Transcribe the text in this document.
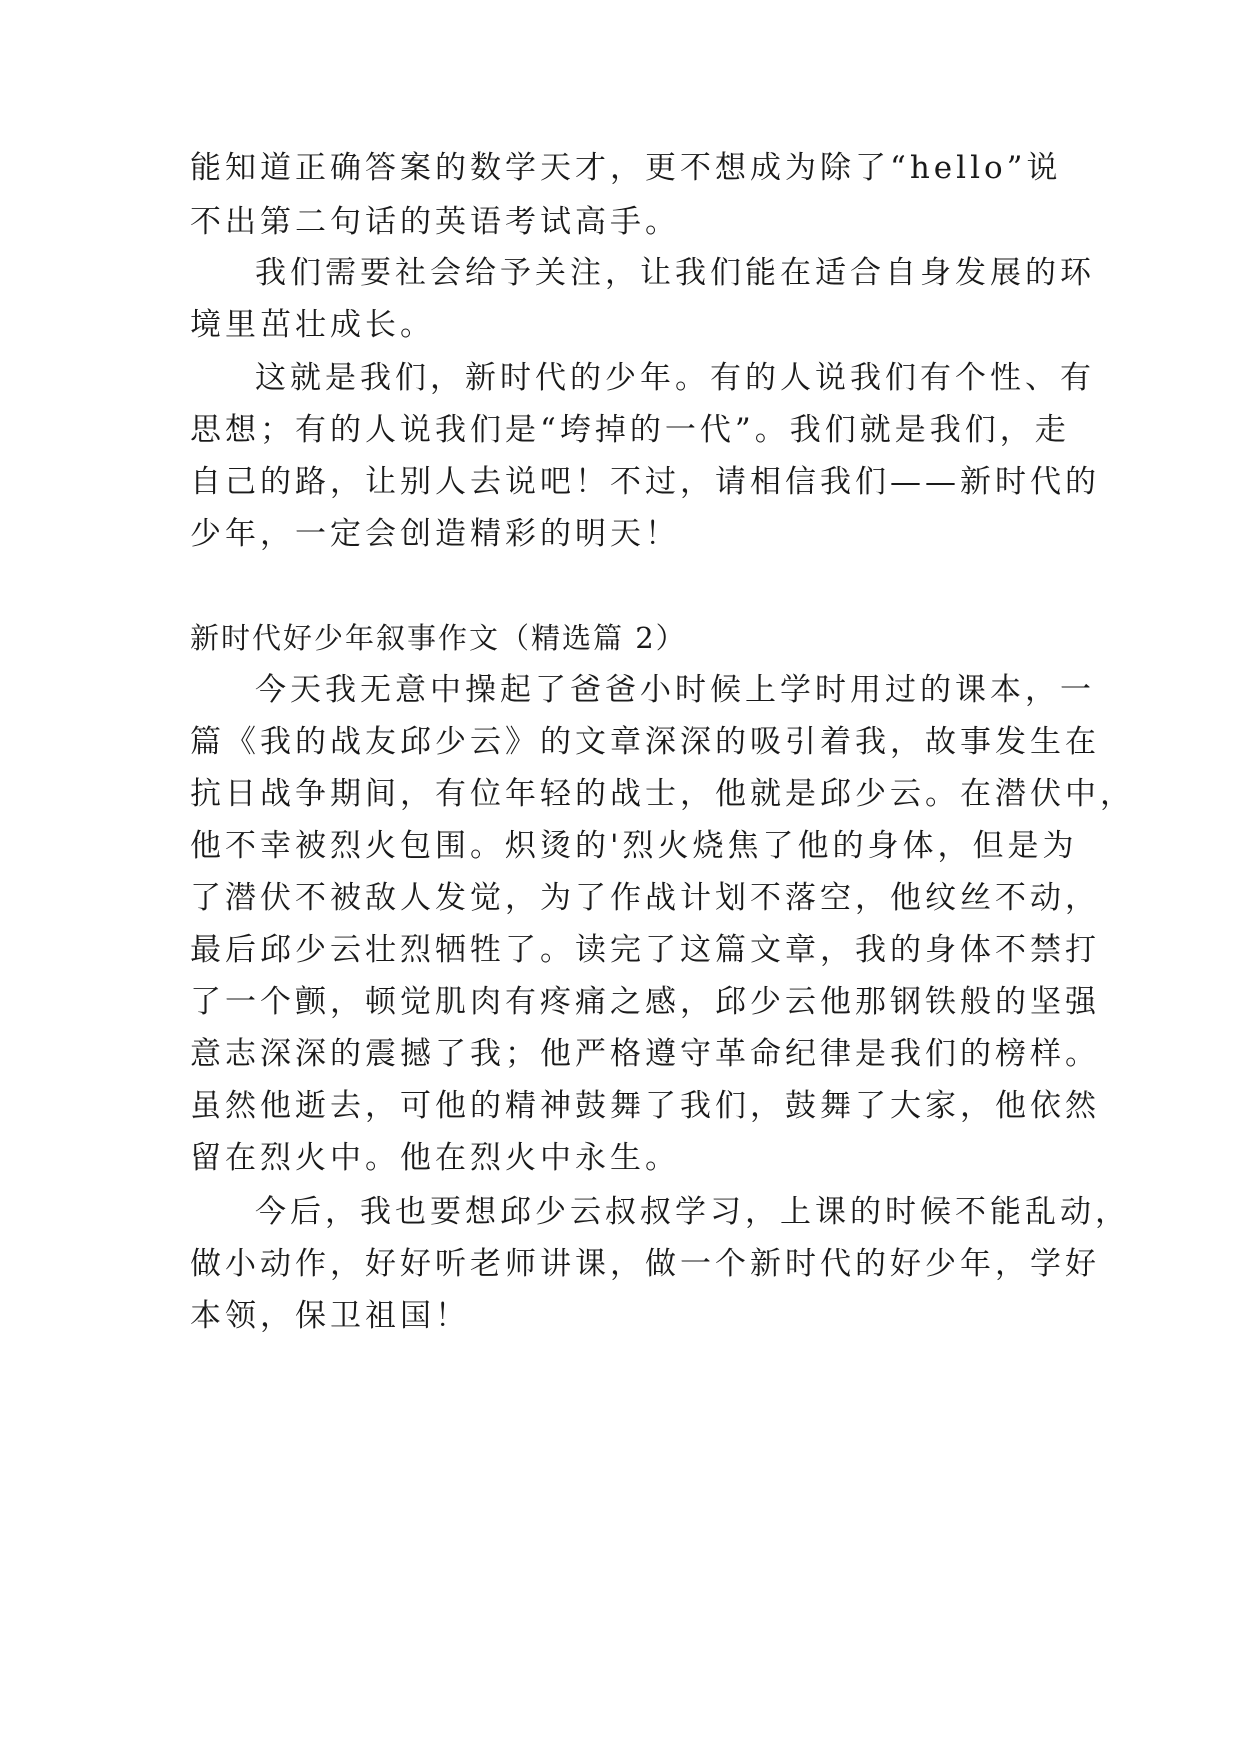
能知道正确答案的数学天才，更不想成为除了“hello”说

不出第二句话的英语考试高手。

我们需要社会给予关注，让我们能在适合自身发展的环

境里茁壮成长。

这就是我们，新时代的少年。有的人说我们有个性、有

思想；有的人说我们是“垮掉的一代”。我们就是我们，走

自己的路，让别人去说吧！不过，请相信我们——新时代的

少年，一定会创造精彩的明天！

新时代好少年叙事作文（精选篇 2）

今天我无意中操起了爸爸小时候上学时用过的课本，一

篇《我的战友邱少云》的文章深深的吸引着我，故事发生在

抗日战争期间，有位年轻的战士，他就是邱少云。在潜伏中，

他不幸被烈火包围。炽烫的'烈火烧焦了他的身体，但是为

了潜伏不被敌人发觉，为了作战计划不落空，他纹丝不动，

最后邱少云壮烈牺牲了。读完了这篇文章，我的身体不禁打

了一个颤，顿觉肌肉有疼痛之感，邱少云他那钢铁般的坚强

意志深深的震撼了我；他严格遵守革命纪律是我们的榜样。

虽然他逝去，可他的精神鼓舞了我们，鼓舞了大家，他依然

留在烈火中。他在烈火中永生。

今后，我也要想邱少云叔叔学习，上课的时候不能乱动，

做小动作，好好听老师讲课，做一个新时代的好少年，学好

本领，保卫祖国！
